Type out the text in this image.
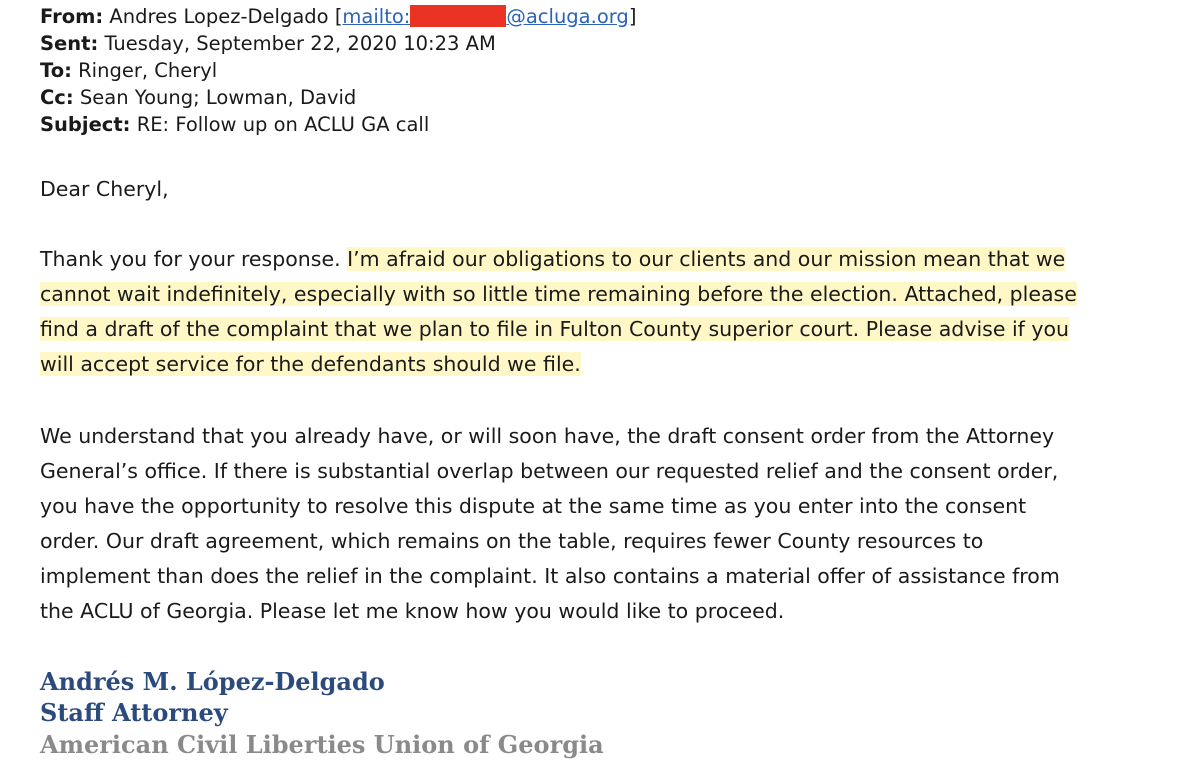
From: Andres Lopez-Delgado [mailto:	@acluga.org]
Sent: Tuesday, September 22, 2020 10:23 AM
To: Ringer, Cheryl
Cc: Sean Young; Lowman, David
Subject: RE: Follow up on ACLU GA call
Dear Cheryl,
Thank you for your response. I’m afraid our obligations to our clients and our mission mean that we
cannot wait indefinitely, especially with so little time remaining before the election. Attached, please
find a draft of the complaint that we plan to file in Fulton County superior court. Please advise if you
will accept service for the defendants should we file.
We understand that you already have, or will soon have, the draft consent order from the Attorney
General’s office. If there is substantial overlap between our requested relief and the consent order,
you have the opportunity to resolve this dispute at the same time as you enter into the consent
order. Our draft agreement, which remains on the table, requires fewer County resources to
implement than does the relief in the complaint. It also contains a material offer of assistance from
the ACLU of Georgia. Please let me know how you would like to proceed.
Andrés M. López-Delgado
Staff Attorney
American Civil Liberties Union of Georgia
